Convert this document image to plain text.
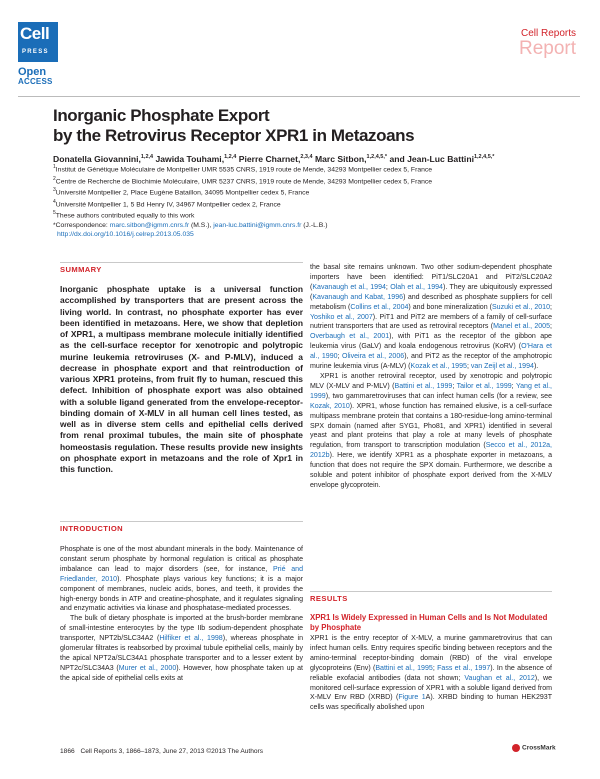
Cell
PRESS
Open
ACCESS
Cell Reports
Report
Inorganic Phosphate Export
by the Retrovirus Receptor XPR1 in Metazoans
Donatella Giovannini,$^{1,2,4}$ Jawida Touhami,$^{1,2,4}$ Pierre Charnet,$^{2,3,4}$ Marc Sitbon,$^{1,2,4,5,*}$ and Jean-Luc Battini$^{1,2,4,5,*}$
$^1$Institut de Génétique Moléculaire de Montpellier UMR 5535 CNRS, 1919 route de Mende, 34293 Montpellier cedex 5, France
$^2$Centre de Recherche de Biochimie Moléculaire, UMR 5237 CNRS, 1919 route de Mende, 34293 Montpellier cedex 5, France
$^3$Université Montpellier 2, Place Eugène Bataillon, 34095 Montpellier cedex 5, France
$^4$Université Montpellier 1, 5 Bd Henry IV, 34967 Montpellier cedex 2, France
$^5$These authors contributed equally to this work
*Correspondence: marc.sitbon@igmm.cnrs.fr (M.S.), jean-luc.battini@igmm.cnrs.fr (J.-L.B.)
http://dx.doi.org/10.1016/j.celrep.2013.05.035
SUMMARY
Inorganic phosphate uptake is a universal function accomplished by transporters that are present across the living world. In contrast, no phosphate exporter has ever been identified in metazoans. Here, we show that depletion of XPR1, a multipass membrane molecule initially identified as the cell-surface receptor for xenotropic and polytropic murine leukemia retroviruses (X- and P-MLV), induced a decrease in phosphate export and that reintroduction of various XPR1 proteins, from fruit fly to human, rescued this defect. Inhibition of phosphate export was also obtained with a soluble ligand generated from the envelope-receptor-binding domain of X-MLV in all human cell lines tested, as well as in diverse stem cells and epithelial cells derived from renal proximal tubules, the main site of phosphate homeostasis regulation. These results provide new insights on phosphate export in metazoans and the role of Xpr1 in this function.
INTRODUCTION

Phosphate is one of the most abundant minerals in the body. Maintenance of constant serum phosphate by hormonal regulation is critical as phosphate imbalance can lead to major disorders (see, for instance, Prié and Friedlander, 2010). Phosphate plays various key functions; it is a major component of membranes, nucleic acids, bones, and teeth, it provides the high-energy bonds in ATP and creatine-phosphate, and it regulates signaling and enzymatic activities via kinase and phosphatase-mediated processes.

The bulk of dietary phosphate is imported at the brush-border membrane of small-intestine enterocytes by the type IIb sodium-dependent phosphate transporter, NPT2b/SLC34A2 (Hilfiker et al., 1998), whereas phosphate in glomerular filtrates is reabsorbed by proximal tubule epithelial cells, mainly by the apical NPT2a/SLC34A1 phosphate transporter and to a lesser extent by NPT2c/SLC34A3 (Murer et al., 2000). However, how phosphate taken up at the apical side of epithelial cells exits at

the basal site remains unknown. Two other sodium-dependent phosphate importers have been identified: PiT1/SLC20A1 and PiT2/SLC20A2 (Kavanaugh et al., 1994; Olah et al., 1994). They are ubiquitously expressed (Kavanaugh and Kabat, 1996) and described as phosphate suppliers for cell metabolism (Collins et al., 2004) and bone mineralization (Suzuki et al., 2010; Yoshiko et al., 2007). PiT1 and PiT2 are members of a family of cell-surface nutrient transporters that are used as retroviral receptors (Manel et al., 2005; Overbaugh et al., 2001), with PiT1 as the receptor of the gibbon ape leukemia virus (GaLV) and koala endogenous retrovirus (KoRV) (O'Hara et al., 1990; Oliveira et al., 2006), and PiT2 as the receptor of the amphotropic murine leukemia virus (A-MLV) (Kozak et al., 1995; van Zeijl et al., 1994).

XPR1 is another retroviral receptor, used by xenotropic and polytropic MLV (X-MLV and P-MLV) (Battini et al., 1999; Tailor et al., 1999; Yang et al., 1999), two gammaretroviruses that can infect human cells (for a review, see Kozak, 2010). XPR1, whose function has remained elusive, is a cell-surface multipass membrane protein that contains a 180-residue-long amino-terminal SPX domain (named after SYG1, Pho81, and XPR1) identified in several yeast and plant proteins that play a role at many levels of phosphate regulation, from transport to transcription modulation (Secco et al., 2012a, 2012b). Here, we identify XPR1 as a phosphate exporter in metazoans, a function that does not require the SPX domain. Furthermore, we describe a soluble and potent inhibitor of phosphate export derived from the X-MLV envelope glycoprotein.

RESULTS
XPR1 Is Widely Expressed in Human Cells and Is Not Modulated by Phosphate

XPR1 is the entry receptor of X-MLV, a murine gammaretrovirus that can infect human cells. Entry requires specific binding between receptors and the amino-terminal receptor-binding domain (RBD) of the viral envelope glycoproteins (Env) (Battini et al., 1995; Fass et al., 1997). In the absence of reliable exofacial antibodies (data not shown; Vaughan et al., 2012), we monitored cell-surface expression of XPR1 with a soluble ligand derived from X-MLV Env RBD (XRBD) (Figure 1A). XRBD binding to human HEK293T cells was specifically abolished upon

1866 Cell Reports 3, 1866–1873, June 27, 2013 ©2013 The Authors	CrossMark
